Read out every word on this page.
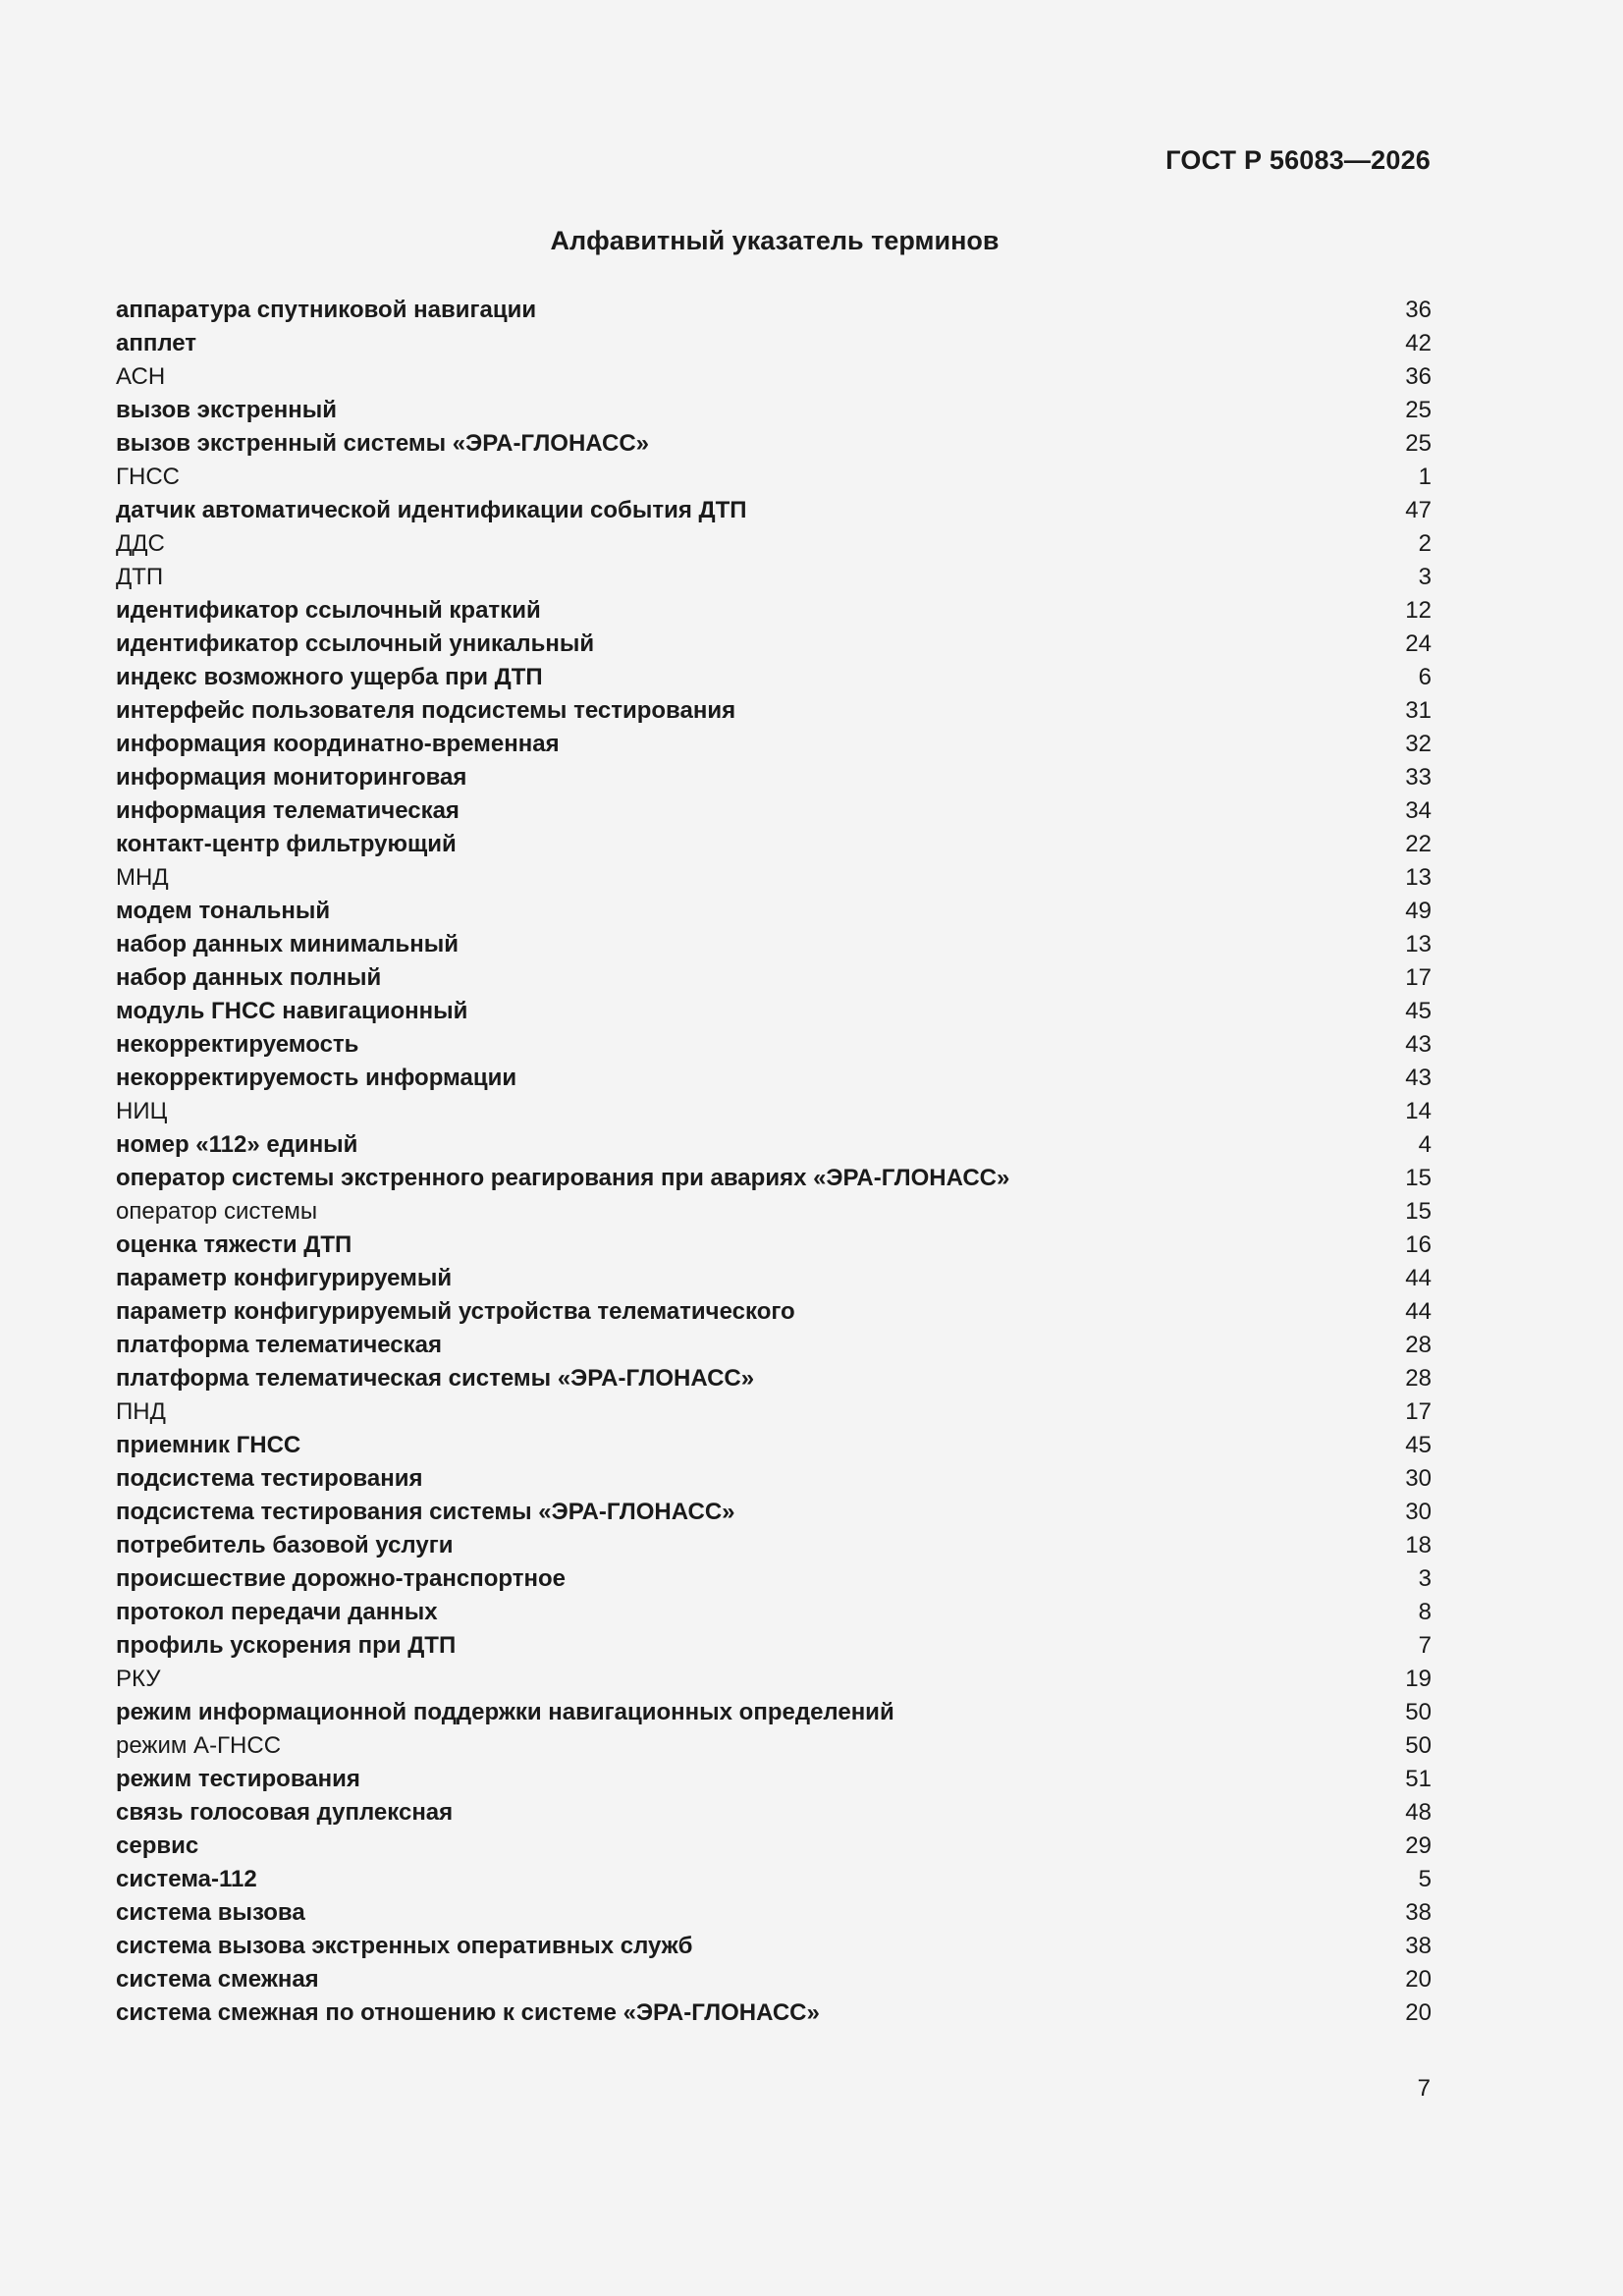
ГОСТ Р 56083—2026
Алфавитный указатель терминов
аппаратура спутниковой навигации	36
апплет	42
АСН	36
вызов экстренный	25
вызов экстренный системы «ЭРА-ГЛОНАСС»	25
ГНСС	1
датчик автоматической идентификации события ДТП	47
ДДС	2
ДТП	3
идентификатор ссылочный краткий	12
идентификатор ссылочный уникальный	24
индекс возможного ущерба при ДТП	6
интерфейс пользователя подсистемы тестирования	31
информация координатно-временная	32
информация мониторинговая	33
информация телематическая	34
контакт-центр фильтрующий	22
МНД	13
модем тональный	49
набор данных минимальный	13
набор данных полный	17
модуль ГНСС навигационный	45
некорректируемость	43
некорректируемость информации	43
НИЦ	14
номер «112» единый	4
оператор системы экстренного реагирования при авариях «ЭРА-ГЛОНАСС»	15
оператор системы	15
оценка тяжести ДТП	16
параметр конфигурируемый	44
параметр конфигурируемый устройства телематического	44
платформа телематическая	28
платформа телематическая системы «ЭРА-ГЛОНАСС»	28
ПНД	17
приемник ГНСС	45
подсистема тестирования	30
подсистема тестирования системы «ЭРА-ГЛОНАСС»	30
потребитель базовой услуги	18
происшествие дорожно-транспортное	3
протокол передачи данных	8
профиль ускорения при ДТП	7
РКУ	19
режим информационной поддержки навигационных определений	50
режим А-ГНСС	50
режим тестирования	51
связь голосовая дуплексная	48
сервис	29
система-112	5
система вызова	38
система вызова экстренных оперативных служб	38
система смежная	20
система смежная по отношению к системе «ЭРА-ГЛОНАСС»	20
7
